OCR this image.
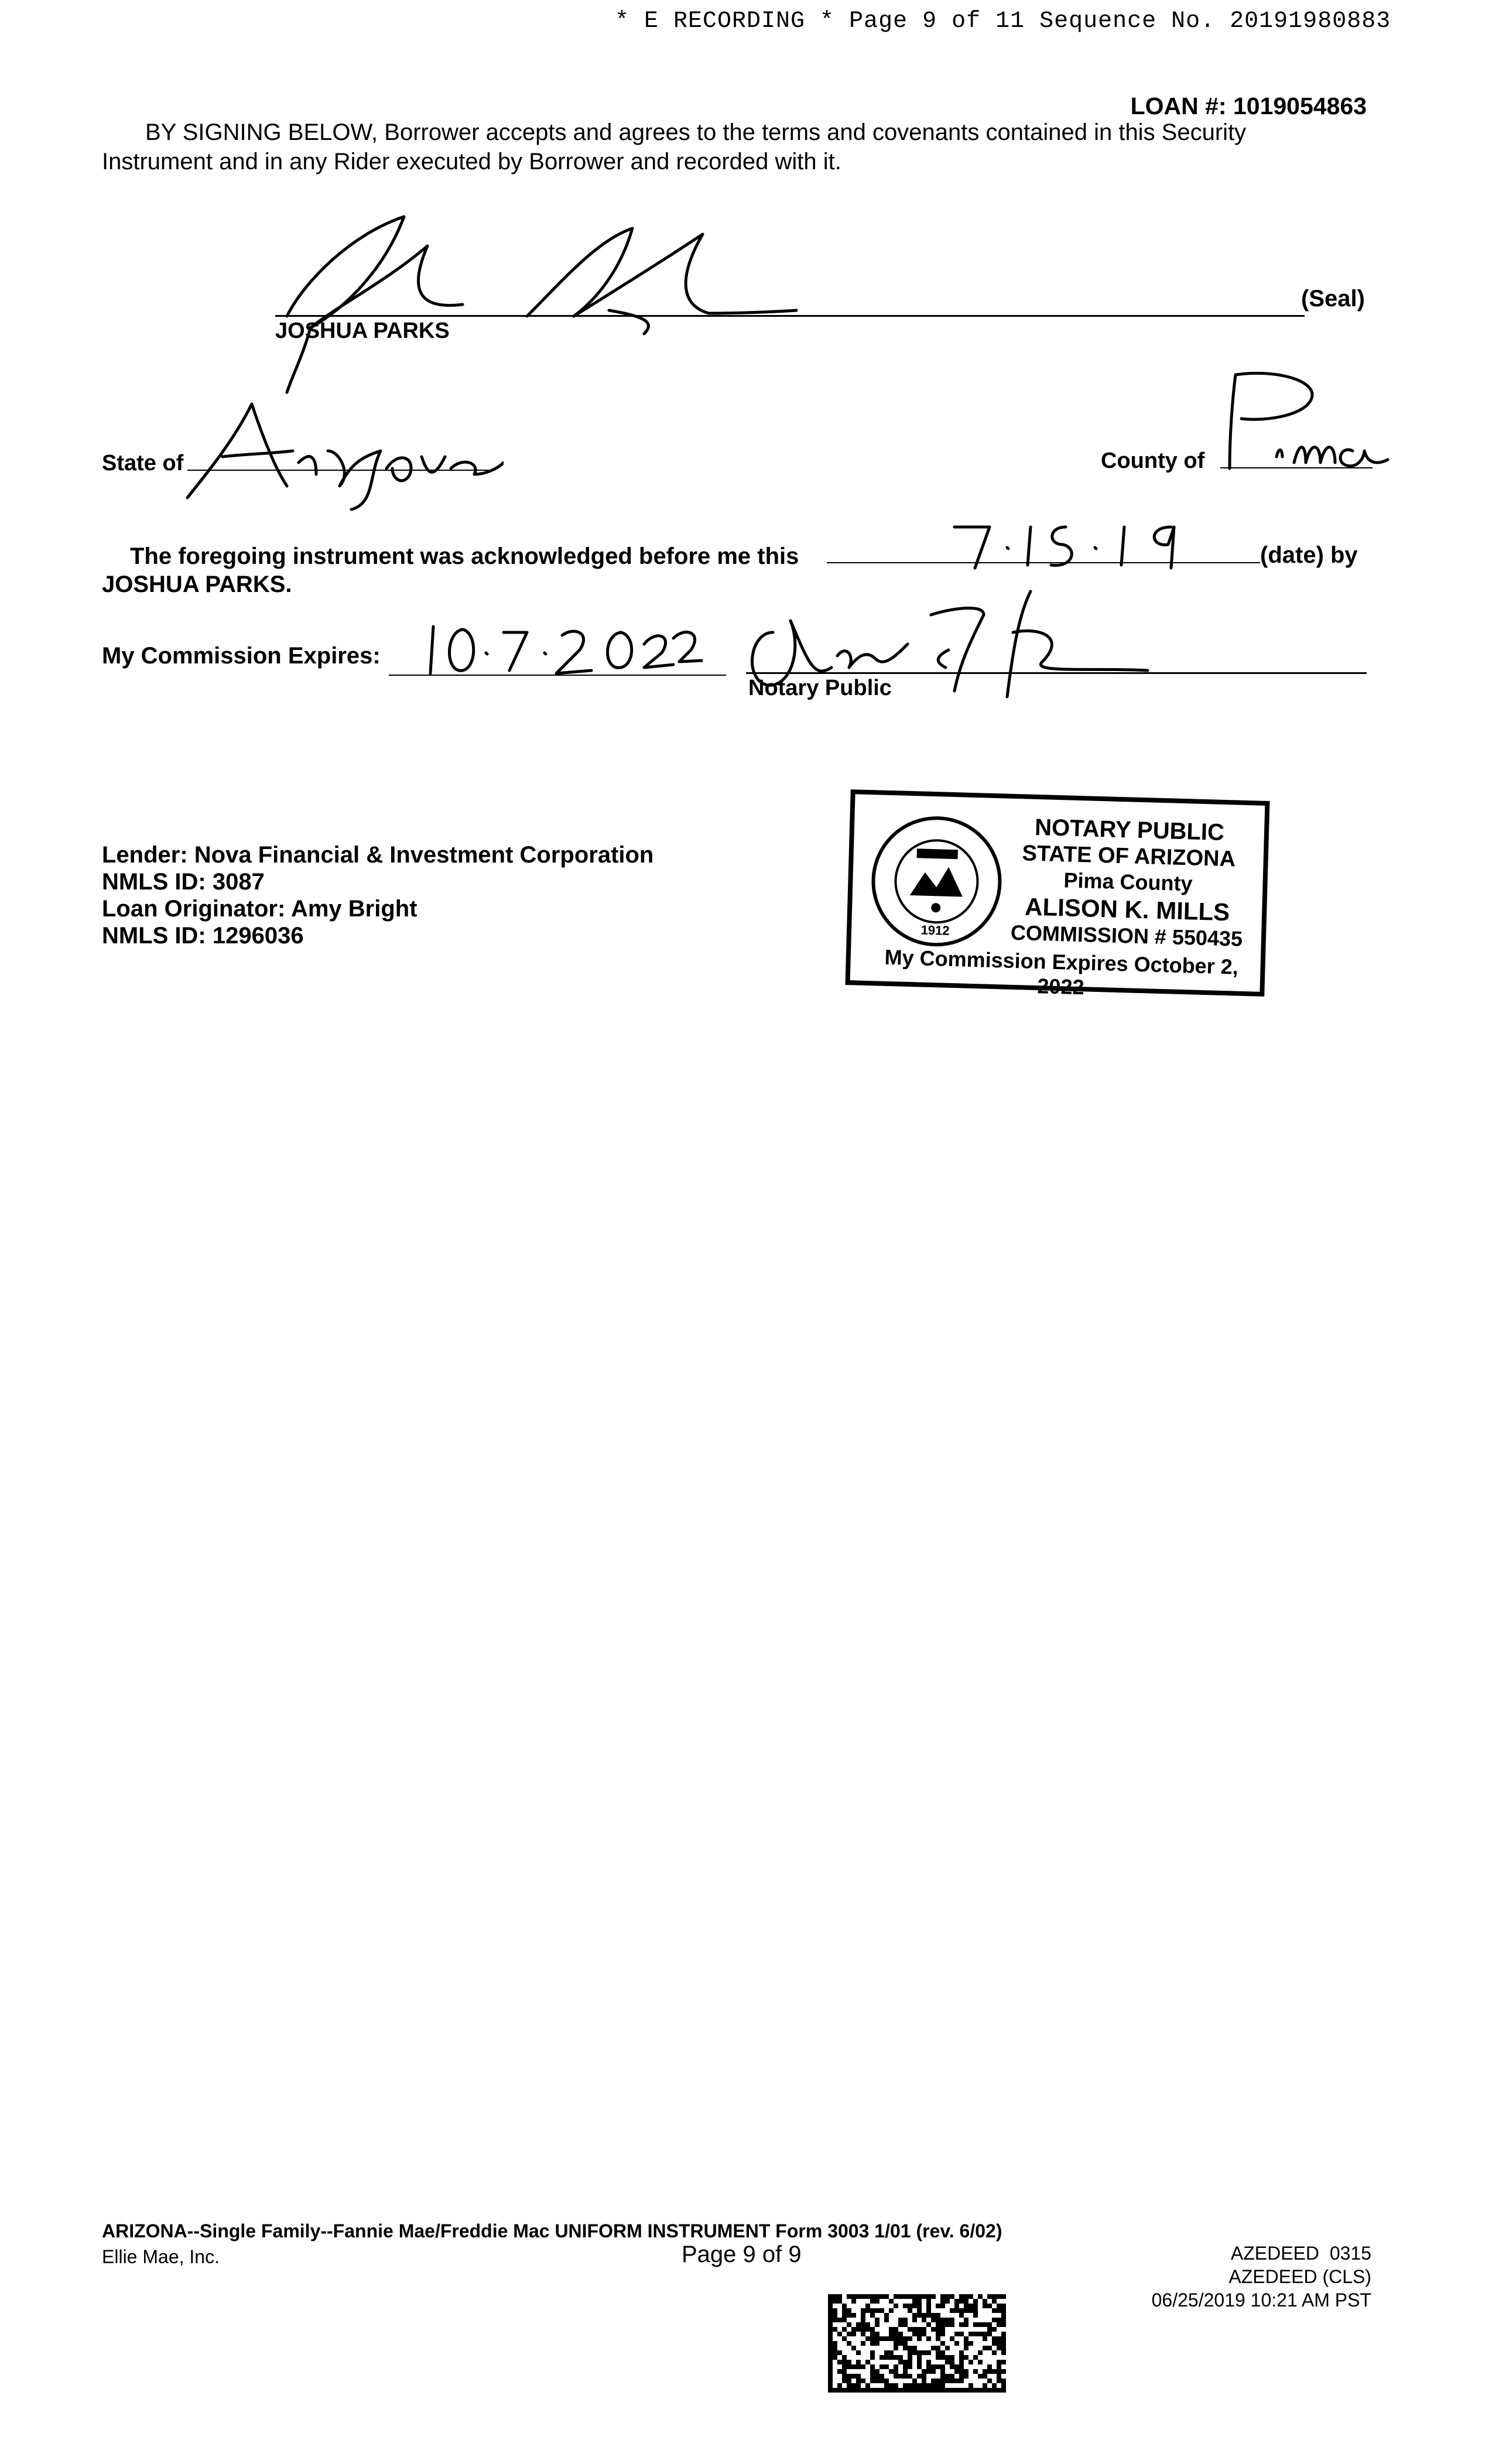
* E RECORDING * Page 9 of 11 Sequence No. 20191980883
LOAN #: 1019054863
BY SIGNING BELOW, Borrower accepts and agrees to the terms and covenants contained in this Security
Instrument and in any Rider executed by Borrower and recorded with it.
(Seal)
JOSHUA PARKS
State of	County of
The foregoing instrument was acknowledged before me this	(date) by
JOSHUA PARKS.
My Commission Expires:
Notary Public
Lender: Nova Financial & Investment Corporation
NMLS ID: 3087
Loan Originator: Amy Bright
NMLS ID: 1296036	1912
NOTARY PUBLIC
STATE OF ARIZONA
Pima County
ALISON K. MILLS
COMMISSION # 550435
My Commission Expires October 2, 2022
ARIZONA--Single Family--Fannie Mae/Freddie Mac UNIFORM INSTRUMENT Form 3003 1/01 (rev. 6/02)
Ellie Mae, Inc.	Page 9 of 9	AZEDEED  0315
AZEDEED (CLS)
06/25/2019 10:21 AM PST
